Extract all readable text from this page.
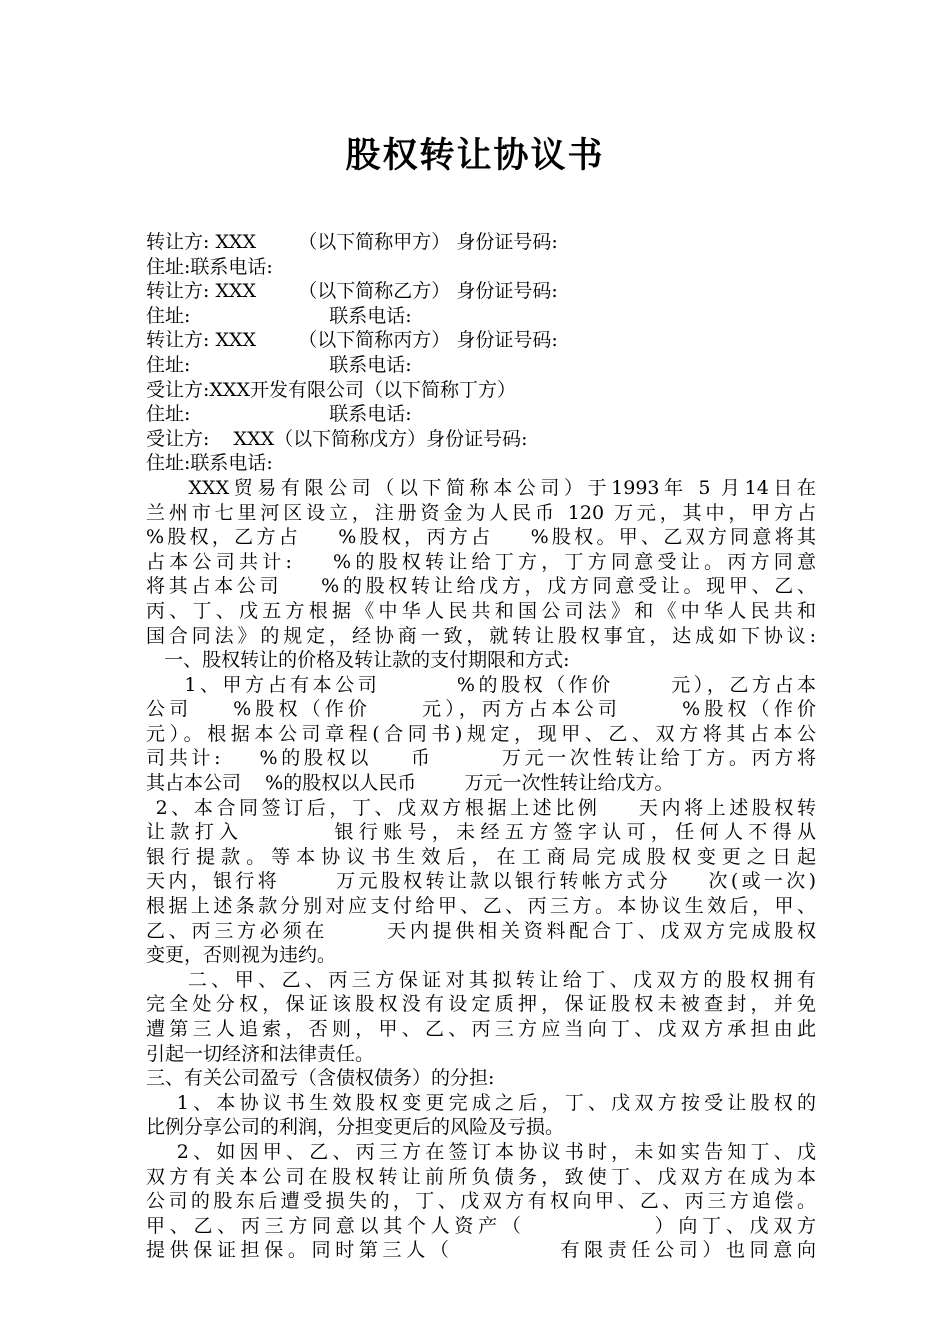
股权转让协议书
转让方: XXX       （以下简称甲方） 身份证号码:
住址:联系电话:
转让方: XXX       （以下简称乙方） 身份证号码:
住址:                       联系电话:
转让方: XXX       （以下简称丙方） 身份证号码:
住址:                       联系电话:
受让方:XXX开发有限公司（以下简称丁方）
住址:                       联系电话:
受让方:    XXX（以下简称戊方）身份证号码:
住址:联系电话:
XXX贸易有限公司（以下简称本公司）于1993年 5 月14日在
兰州市七里河区设立，注册资金为人民币 120 万元，其中，甲方占
%股权，乙方占    %股权，丙方占    %股权。甲、乙双方同意将其
占本公司共计:    %的股权转让给丁方，丁方同意受让。丙方同意
将其占本公司    %的股权转让给戊方，戊方同意受让。现甲、乙、
丙、丁、戊五方根据《中华人民共和国公司法》和《中华人民共和
国合同法》的规定，经协商一致，就转让股权事宜，达成如下协议:
一、股权转让的价格及转让款的支付期限和方式:
1、甲方占有本公司        %的股权（作价      元），乙方占本
公司    %股权（作价     元），丙方占本公司      %股权（作价
元）。根据本公司章程(合同书)规定，现甲、乙、双方将其占本公
司共计:    %的股权以    币       万元一次性转让给丁方。丙方将
其占本公司    %的股权以人民币        万元一次性转让给戊方。
2、本合同签订后，丁、戊双方根据上述比例    天内将上述股权转
让款打入        银行账号，未经五方签字认可，任何人不得从
银行提款。等本协议书生效后，在工商局完成股权变更之日起
天内，银行将      万元股权转让款以银行转帐方式分    次(或一次)
根据上述条款分别对应支付给甲、乙、丙三方。本协议生效后，甲、
乙、丙三方必须在      天内提供相关资料配合丁、戊双方完成股权
变更，否则视为违约。
二、甲、乙、丙三方保证对其拟转让给丁、戊双方的股权拥有
完全处分权，保证该股权没有设定质押，保证股权未被查封，并免
遭第三人追索，否则，甲、乙、丙三方应当向丁、戊双方承担由此
引起一切经济和法律责任。
三、有关公司盈亏（含债权债务）的分担:
1、本协议书生效股权变更完成之后，丁、戊双方按受让股权的
比例分享公司的利润，分担变更后的风险及亏损。
2、如因甲、乙、丙三方在签订本协议书时，未如实告知丁、戊
双方有关本公司在股权转让前所负债务，致使丁、戊双方在成为本
公司的股东后遭受损失的，丁、戊双方有权向甲、乙、丙三方追偿。
甲、乙、丙三方同意以其个人资产（            ）向丁、戊双方
提供保证担保。同时第三人（          有限责任公司）也同意向
